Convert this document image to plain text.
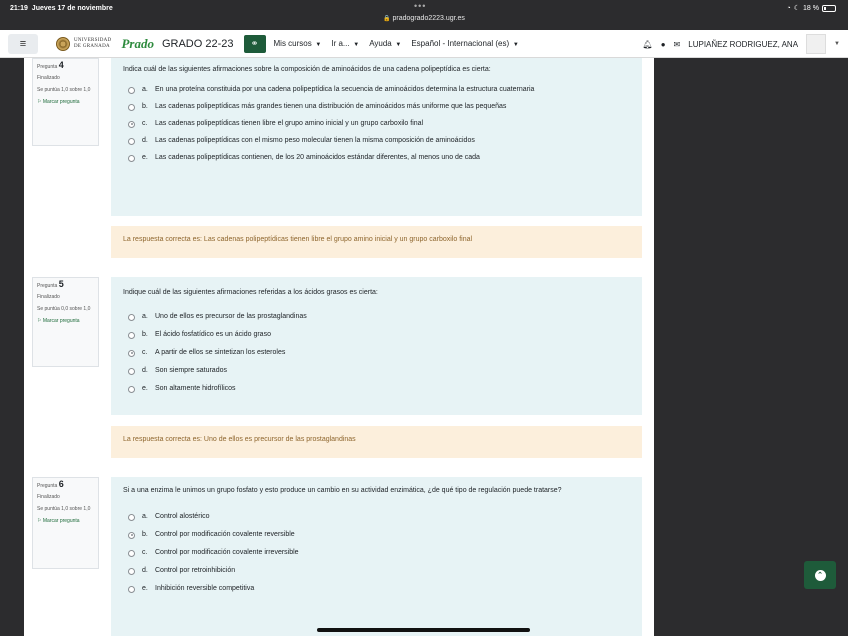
21:19 Jueves 17 de noviembre	•••
🔒 pradogrado2223.ugr.es
◔ ☾ 18 %
≡	UNIVERSIDAD
DE GRANADA Prado GRADO 22-23 ⚭ Mis cursos ▼ Ir a... ▼ Ayuda ▼ Español - Internacional (es) ▼	🔔︎ ● ✉ LUPIAÑEZ RODRIGUEZ, ANA	▼
Pregunta 4
Finalizado
Se puntúa 1,0 sobre 1,0
⚐ Marcar pregunta
Indica cuál de las siguientes afirmaciones sobre la composición de aminoácidos de una cadena polipeptídica es cierta:
a.	En una proteína constituida por una cadena polipeptídica la secuencia de aminoácidos determina la estructura cuaternaria
b.	Las cadenas polipeptídicas más grandes tienen una distribución de aminoácidos más uniforme que las pequeñas
c.	Las cadenas polipeptídicas tienen libre el grupo amino inicial y un grupo carboxilo final
d.	Las cadenas polipeptídicas con el mismo peso molecular tienen la misma composición de aminoácidos
e.	Las cadenas polipeptídicas contienen, de los 20 aminoácidos estándar diferentes, al menos uno de cada
La respuesta correcta es: Las cadenas polipeptídicas tienen libre el grupo amino inicial y un grupo carboxilo final
Pregunta 5
Finalizado
Se puntúa 0,0 sobre 1,0
⚐ Marcar pregunta
Indique cuál de las siguientes afirmaciones referidas a los ácidos grasos es cierta:
a.	Uno de ellos es precursor de las prostaglandinas
b.	El ácido fosfatídico es un ácido graso
c.	A partir de ellos se sintetizan los esteroles
d.	Son siempre saturados
e.	Son altamente hidrofílicos
La respuesta correcta es: Uno de ellos es precursor de las prostaglandinas
Pregunta 6
Finalizado
Se puntúa 1,0 sobre 1,0
⚐ Marcar pregunta
Si a una enzima le unimos un grupo fosfato y esto produce un cambio en su actividad enzimática, ¿de qué tipo de regulación puede tratarse?
a.	Control alostérico
b.	Control por modificación covalente reversible
c.	Control por modificación covalente irreversible
d.	Control por retroinhibición
e.	Inhibición reversible competitiva
⌃
